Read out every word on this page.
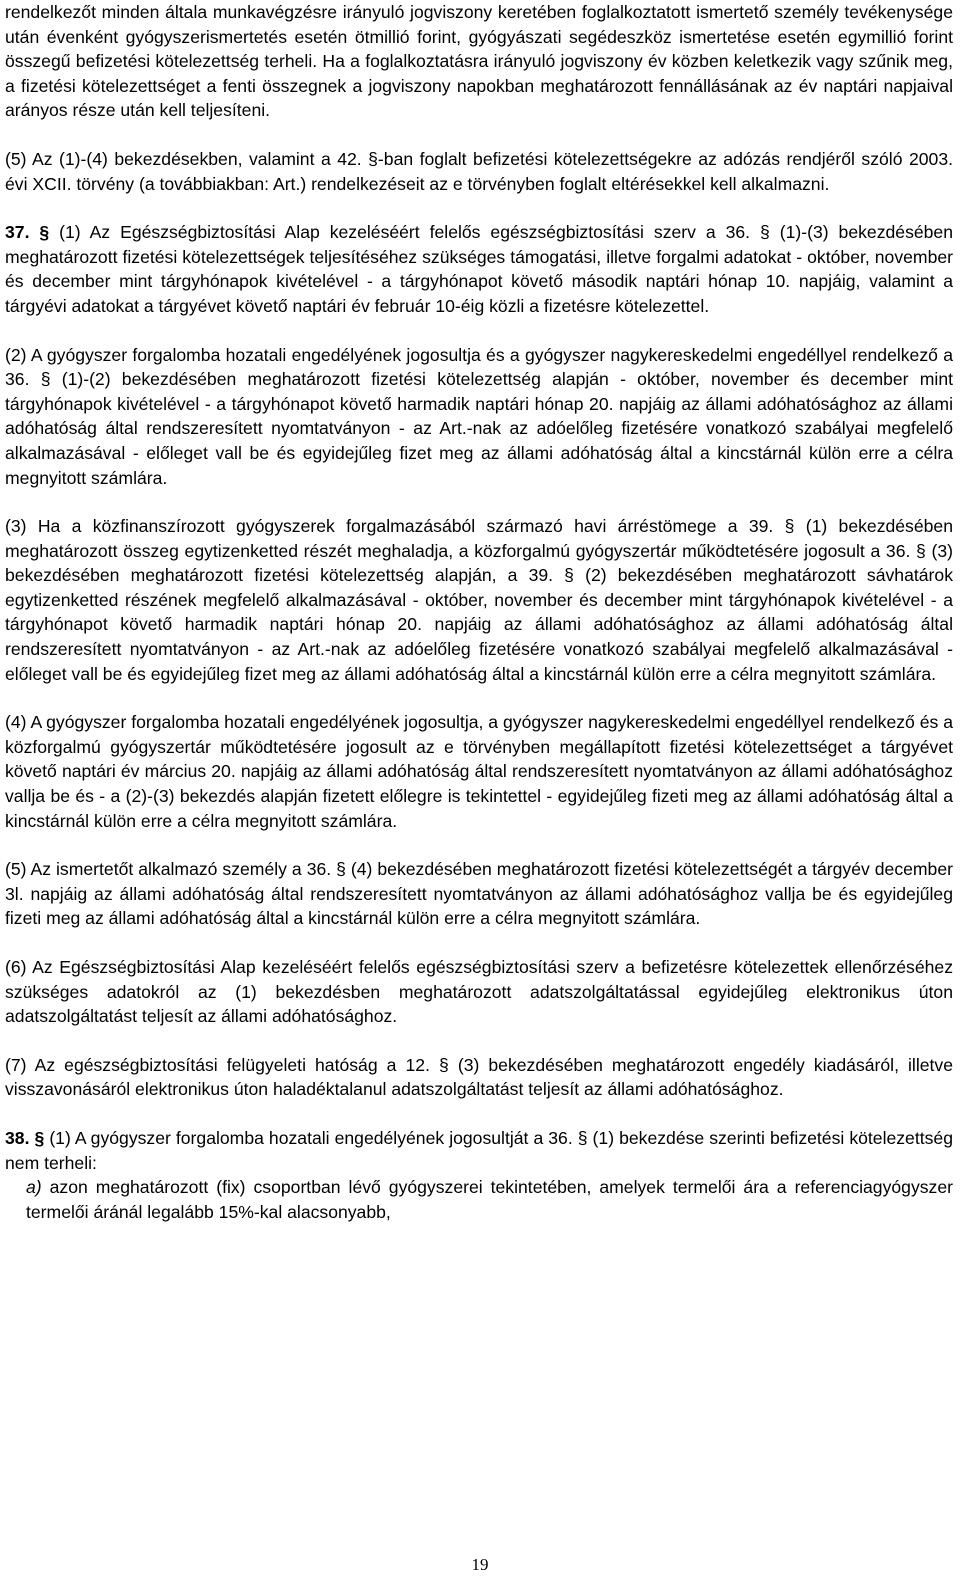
rendelkezőt minden általa munkavégzésre irányuló jogviszony keretében foglalkoztatott ismertető személy tevékenysége után évenként gyógyszerismertetés esetén ötmillió forint, gyógyászati segédeszköz ismertetése esetén egymillió forint összegű befizetési kötelezettség terheli. Ha a foglalkoztatásra irányuló jogviszony év közben keletkezik vagy szűnik meg, a fizetési kötelezettséget a fenti összegnek a jogviszony napokban meghatározott fennállásának az év naptári napjaival arányos része után kell teljesíteni.

(5) Az (1)-(4) bekezdésekben, valamint a 42. §-ban foglalt befizetési kötelezettségekre az adózás rendjéről szóló 2003. évi XCII. törvény (a továbbiakban: Art.) rendelkezéseit az e törvényben foglalt eltérésekkel kell alkalmazni.

37. § (1) Az Egészségbiztosítási Alap kezeléséért felelős egészségbiztosítási szerv a 36. § (1)-(3) bekezdésében meghatározott fizetési kötelezettségek teljesítéséhez szükséges támogatási, illetve forgalmi adatokat - október, november és december mint tárgyhónapok kivételével - a tárgyhónapot követő második naptári hónap 10. napjáig, valamint a tárgyévi adatokat a tárgyévet követő naptári év február 10-éig közli a fizetésre kötelezettel.

(2) A gyógyszer forgalomba hozatali engedélyének jogosultja és a gyógyszer nagykereskedelmi engedéllyel rendelkező a 36. § (1)-(2) bekezdésében meghatározott fizetési kötelezettség alapján - október, november és december mint tárgyhónapok kivételével - a tárgyhónapot követő harmadik naptári hónap 20. napjáig az állami adóhatósághoz az állami adóhatóság által rendszeresített nyomtatványon - az Art.-nak az adóelőleg fizetésére vonatkozó szabályai megfelelő alkalmazásával - előleget vall be és egyidejűleg fizet meg az állami adóhatóság által a kincstárnál külön erre a célra megnyitott számlára.

(3) Ha a közfinanszírozott gyógyszerek forgalmazásából származó havi árréstömege a 39. § (1) bekezdésében meghatározott összeg egytizenketted részét meghaladja, a közforgalmú gyógyszertár működtetésére jogosult a 36. § (3) bekezdésében meghatározott fizetési kötelezettség alapján, a 39. § (2) bekezdésében meghatározott sávhatárok egytizenketted részének megfelelő alkalmazásával - október, november és december mint tárgyhónapok kivételével - a tárgyhónapot követő harmadik naptári hónap 20. napjáig az állami adóhatósághoz az állami adóhatóság által rendszeresített nyomtatványon - az Art.-nak az adóelőleg fizetésére vonatkozó szabályai megfelelő alkalmazásával - előleget vall be és egyidejűleg fizet meg az állami adóhatóság által a kincstárnál külön erre a célra megnyitott számlára.

(4) A gyógyszer forgalomba hozatali engedélyének jogosultja, a gyógyszer nagykereskedelmi engedéllyel rendelkező és a közforgalmú gyógyszertár működtetésére jogosult az e törvényben megállapított fizetési kötelezettséget a tárgyévet követő naptári év március 20. napjáig az állami adóhatóság által rendszeresített nyomtatványon az állami adóhatósághoz vallja be és - a (2)-(3) bekezdés alapján fizetett előlegre is tekintettel - egyidejűleg fizeti meg az állami adóhatóság által a kincstárnál külön erre a célra megnyitott számlára.

(5) Az ismertetőt alkalmazó személy a 36. § (4) bekezdésében meghatározott fizetési kötelezettségét a tárgyév december 3l. napjáig az állami adóhatóság által rendszeresített nyomtatványon az állami adóhatósághoz vallja be és egyidejűleg fizeti meg az állami adóhatóság által a kincstárnál külön erre a célra megnyitott számlára.

(6) Az Egészségbiztosítási Alap kezeléséért felelős egészségbiztosítási szerv a befizetésre kötelezettek ellenőrzéséhez szükséges adatokról az (1) bekezdésben meghatározott adatszolgáltatással egyidejűleg elektronikus úton adatszolgáltatást teljesít az állami adóhatósághoz.

(7) Az egészségbiztosítási felügyeleti hatóság a 12. § (3) bekezdésében meghatározott engedély kiadásáról, illetve visszavonásáról elektronikus úton haladéktalanul adatszolgáltatást teljesít az állami adóhatósághoz.

38. § (1) A gyógyszer forgalomba hozatali engedélyének jogosultját a 36. § (1) bekezdése szerinti befizetési kötelezettség nem terheli:

a) azon meghatározott (fix) csoportban lévő gyógyszerei tekintetében, amelyek termelői ára a referenciagyógyszer termelői áránál legalább 15%-kal alacsonyabb,

19
